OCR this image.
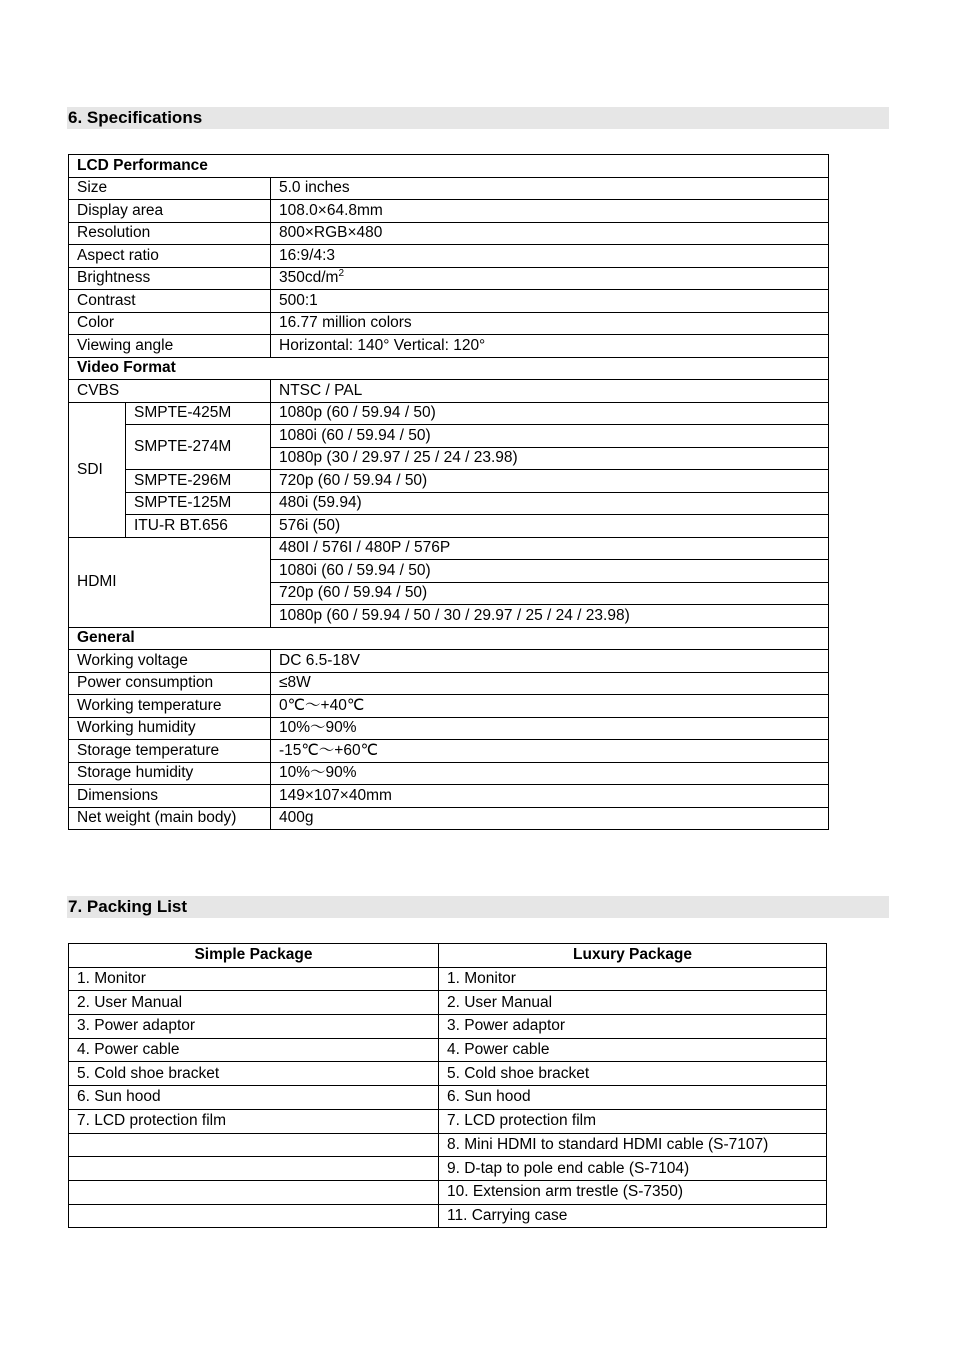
6. Specifications
LCD Performance		
Size		5.0 inches
Display area		108.0×64.8mm
Resolution		800×RGB×480
Aspect ratio		16:9/4:3
Brightness		$350cd/m^2$
Contrast		500:1
Color		16.77 million colors
Viewing angle		Horizontal: 140° Vertical: 120°
Video Format		
CVBS		NTSC / PAL
SDI	SMPTE-425M	1080p (60 / 59.94 / 50)
	SMPTE-274M	1080i (60 / 59.94 / 50)
		1080p (30 / 29.97 / 25 / 24 / 23.98)
	SMPTE-296M	720p (60 / 59.94 / 50)
	SMPTE-125M	480i (59.94)
	ITU-R BT.656	576i (50)
HDMI		480I / 576I / 480P / 576P
		1080i (60 / 59.94 / 50)
		720p (60 / 59.94 / 50)
		1080p (60 / 59.94 / 50 / 30 / 29.97 / 25 / 24 / 23.98)
General		
Working voltage		DC 6.5-18V
Power consumption		≤8W
Working temperature		0℃～+40℃
Working humidity		10%～90%
Storage temperature		-15℃～+60℃
Storage humidity		10%～90%
Dimensions		149×107×40mm
Net weight (main body)		400g
7. Packing List
Simple Package	Luxury Package
1. Monitor	1. Monitor
2. User Manual	2. User Manual
3. Power adaptor	3. Power adaptor
4. Power cable	4. Power cable
5. Cold shoe bracket	5. Cold shoe bracket
6. Sun hood	6. Sun hood
7. LCD protection film	7. LCD protection film
	8. Mini HDMI to standard HDMI cable (S-7107)
	9. D-tap to pole end cable (S-7104)
	10. Extension arm trestle (S-7350)
	11. Carrying case
